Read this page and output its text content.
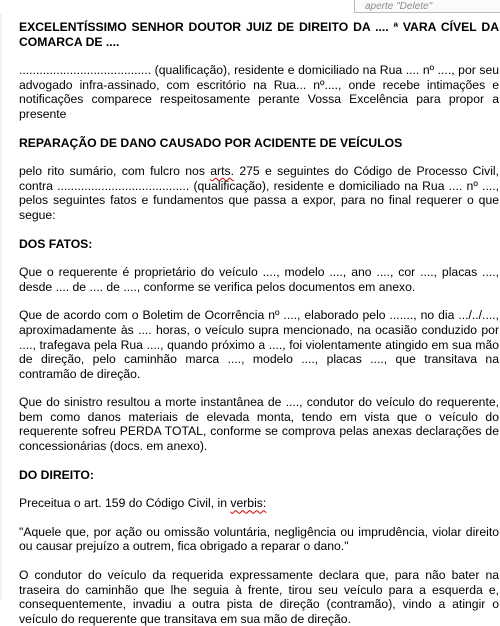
aperte "Delete"

EXCELENTÍSSIMO SENHOR DOUTOR JUIZ DE DIREITO DA .... ª VARA CÍVEL DA COMARCA DE ....

....................................... (qualificação), residente e domiciliado na Rua .... nº ...., por seu advogado infra-assinado, com escritório na Rua... nº...., onde recebe intimações e notificações comparece respeitosamente perante Vossa Excelência para propor a presente

REPARAÇÃO DE DANO CAUSADO POR ACIDENTE DE VEÍCULOS

pelo rito sumário, com fulcro nos arts. 275 e seguintes do Código de Processo Civil, contra ....................................... (qualificação), residente e domiciliado na Rua .... nº ...., pelos seguintes fatos e fundamentos que passa a expor, para no final requerer o que segue:

DOS FATOS:

Que o requerente é proprietário do veículo ...., modelo ...., ano ...., cor ...., placas ...., desde .... de .... de ...., conforme se verifica pelos documentos em anexo.

Que de acordo com o Boletim de Ocorrência nº ...., elaborado pelo ......., no dia .../../...., aproximadamente às .... horas, o veículo supra mencionado, na ocasião conduzido por ...., trafegava pela Rua ...., quando próximo a ...., foi violentamente atingido em sua mão de direção, pelo caminhão marca ...., modelo ...., placas ...., que transitava na contramão de direção.

Que do sinistro resultou a morte instantânea de ...., condutor do veículo do requerente, bem como danos materiais de elevada monta, tendo em vista que o veículo do requerente sofreu PERDA TOTAL, conforme se comprova pelas anexas declarações de concessionárias (docs. em anexo).

DO DIREITO:

Preceitua o art. 159 do Código Civil, in verbis:

"Aquele que, por ação ou omissão voluntária, negligência ou imprudência, violar direito ou causar prejuízo a outrem, fica obrigado a reparar o dano."

O condutor do veículo da requerida expressamente declara que, para não bater na traseira do caminhão que lhe seguia à frente, tirou seu veículo para a esquerda e, consequentemente, invadiu a outra pista de direção (contramão), vindo a atingir o veículo do requerente que transitava em sua mão de direção.
